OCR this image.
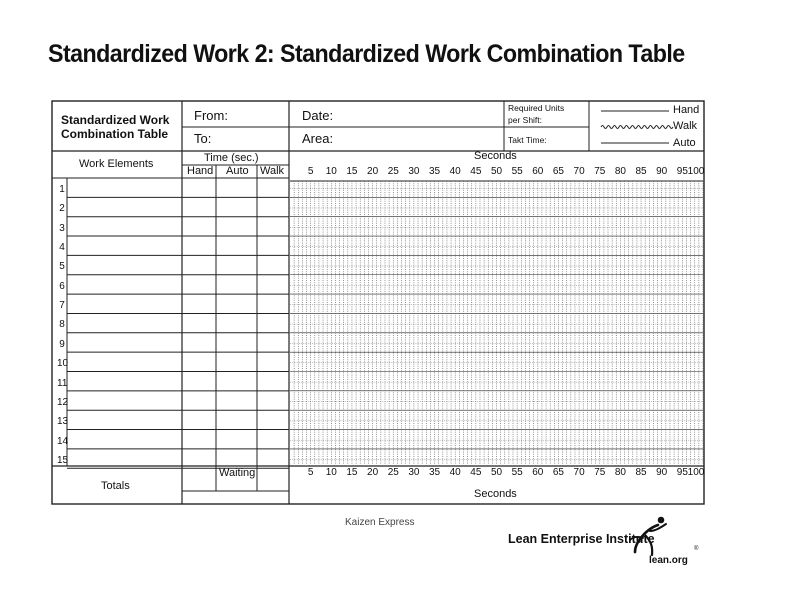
Standardized Work 2: Standardized Work Combination Table
Standardized Work
Combination Table
From:
To:
Date:
Area:
Required Units
per Shift:
Takt Time:
Hand
Walk
Auto
Work Elements	Time (sec.)
Hand Auto Walk
Seconds
Seconds
5 10 15 20 25 30 35 40 45 50 55 60 65 70 75 80 85 90 95 100
5 10 15 20 25 30 35 40 45 50 55 60 65 70 75 80 85 90 95 100
1
2
3
4
5
6
7
8
9
10
11
12
13
14
15
Totals
Waiting
Kaizen Express
Lean Enterprise Institute
lean.org
®
